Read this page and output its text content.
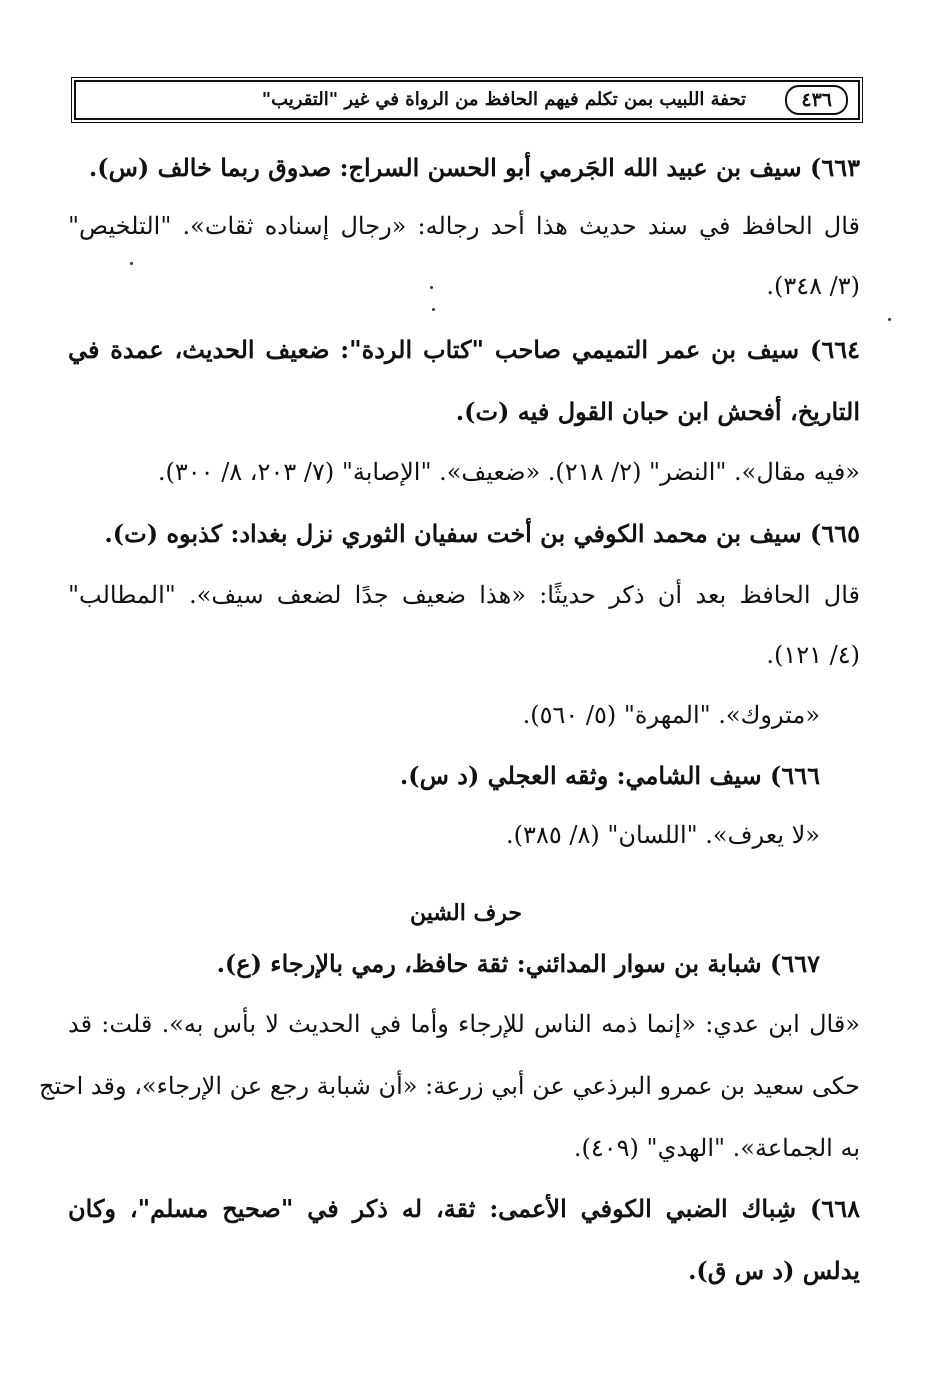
٤٣٦
تحفة اللبيب بمن تكلم فيهم الحافظ من الرواة في غير "التقريب"
٦٦٣) سيف بن عبيد الله الجَرمي أبو الحسن السراج: صدوق ربما خالف (س).
قال الحافظ في سند حديث هذا أحد رجاله: «رجال إسناده ثقات». "التلخيص"
(٣/ ٣٤٨).
٦٦٤) سيف بن عمر التميمي صاحب "كتاب الردة": ضعيف الحديث، عمدة في
التاريخ، أفحش ابن حبان القول فيه (ت).
«فيه مقال». "النضر" (٢/ ٢١٨). «ضعيف». "الإصابة" (٧/ ٢٠٣، ٨/ ٣٠٠).
٦٦٥) سيف بن محمد الكوفي بن أخت سفيان الثوري نزل بغداد: كذبوه (ت).
قال الحافظ بعد أن ذكر حديثًا: «هذا ضعيف جدًا لضعف سيف». "المطالب"
(٤/ ١٢١).
«متروك». "المهرة" (٥/ ٥٦٠).
٦٦٦) سيف الشامي: وثقه العجلي (د س).
«لا يعرف». "اللسان" (٨/ ٣٨٥).
حرف الشين
٦٦٧) شبابة بن سوار المدائني: ثقة حافظ، رمي بالإرجاء (ع).
«قال ابن عدي: «إنما ذمه الناس للإرجاء وأما في الحديث لا بأس به». قلت: قد
حكى سعيد بن عمرو البرذعي عن أبي زرعة: «أن شبابة رجع عن الإرجاء»، وقد احتج
به الجماعة». "الهدي" (٤٠٩).
٦٦٨) شِباك الضبي الكوفي الأعمى: ثقة، له ذكر في "صحيح مسلم"، وكان
يدلس (د س ق).
